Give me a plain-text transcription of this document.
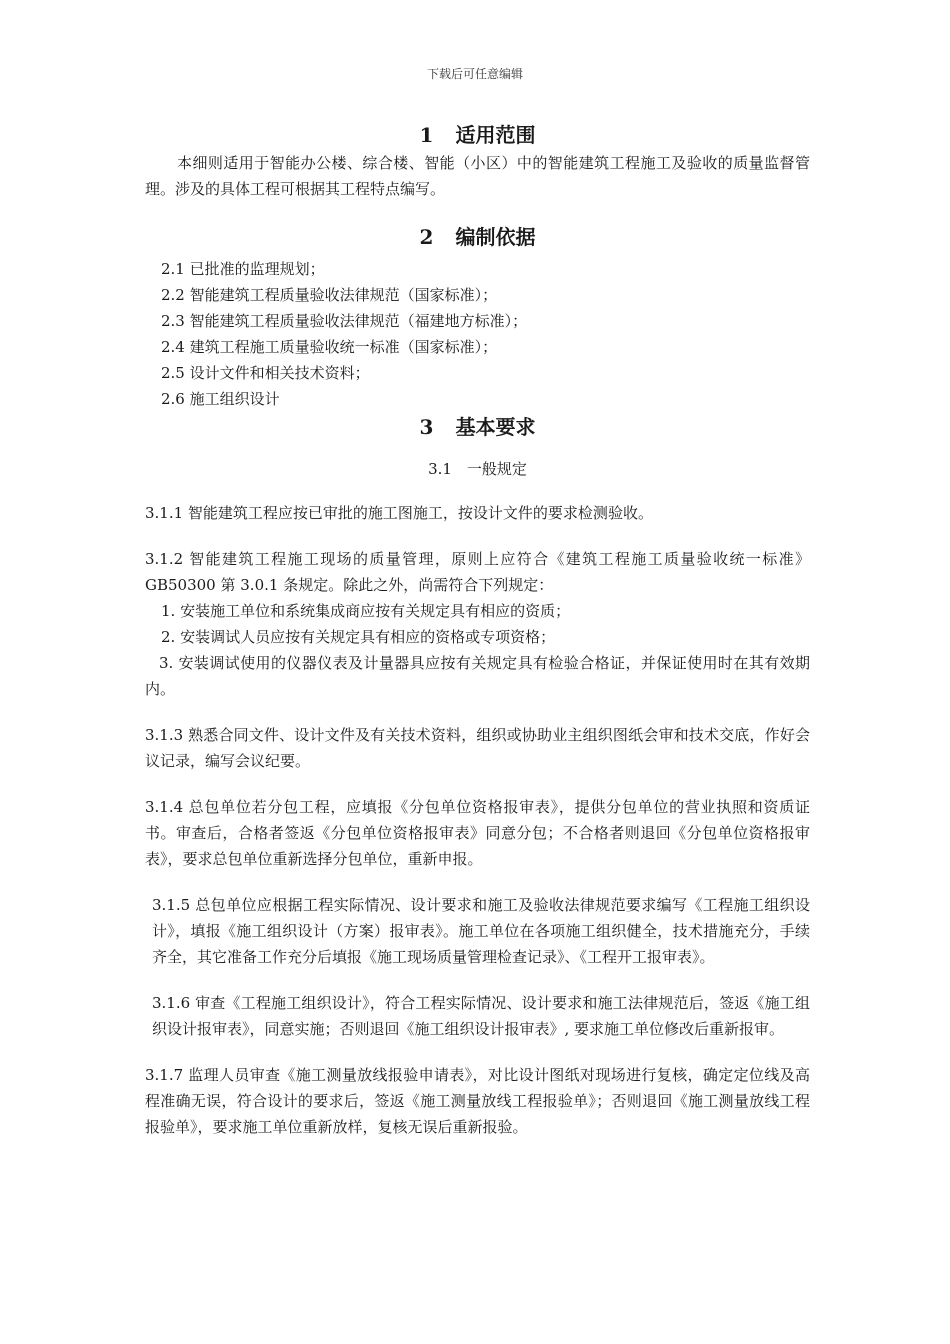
下载后可任意编辑
1 适用范围

本细则适用于智能办公楼、综合楼、智能（小区）中的智能建筑工程施工及验收的质量监督管理。涉及的具体工程可根据其工程特点编写。

2 编制依据
2.1 已批准的监理规划；
2.2 智能建筑工程质量验收法律规范（国家标准）；
2.3 智能建筑工程质量验收法律规范（福建地方标准）；
2.4 建筑工程施工质量验收统一标准（国家标准）；
2.5 设计文件和相关技术资料；
2.6 施工组织设计
3 基本要求
3.1　一般规定

3.1.1 智能建筑工程应按已审批的施工图施工，按设计文件的要求检测验收。

3.1.2 智能建筑工程施工现场的质量管理，原则上应符合《建筑工程施工质量验收统一标准》GB50300 第 3.0.1 条规定。除此之外，尚需符合下列规定：

1. 安装施工单位和系统集成商应按有关规定具有相应的资质；
2. 安装调试人员应按有关规定具有相应的资格或专项资格；

3. 安装调试使用的仪器仪表及计量器具应按有关规定具有检验合格证，并保证使用时在其有效期内。

3.1.3 熟悉合同文件、设计文件及有关技术资料，组织或协助业主组织图纸会审和技术交底，作好会议记录，编写会议纪要。

3.1.4 总包单位若分包工程，应填报《分包单位资格报审表》，提供分包单位的营业执照和资质证书。审查后，合格者签返《分包单位资格报审表》同意分包；不合格者则退回《分包单位资格报审表》，要求总包单位重新选择分包单位，重新申报。

3.1.5 总包单位应根据工程实际情况、设计要求和施工及验收法律规范要求编写《工程施工组织设计》，填报《施工组织设计（方案）报审表》。施工单位在各项施工组织健全，技术措施充分，手续齐全，其它准备工作充分后填报《施工现场质量管理检查记录》、《工程开工报审表》。

3.1.6 审查《工程施工组织设计》，符合工程实际情况、设计要求和施工法律规范后，签返《施工组织设计报审表》，同意实施；否则退回《施工组织设计报审表》, 要求施工单位修改后重新报审。

3.1.7 监理人员审查《施工测量放线报验申请表》，对比设计图纸对现场进行复核，确定定位线及高程准确无误，符合设计的要求后，签返《施工测量放线工程报验单》；否则退回《施工测量放线工程报验单》，要求施工单位重新放样，复核无误后重新报验。
